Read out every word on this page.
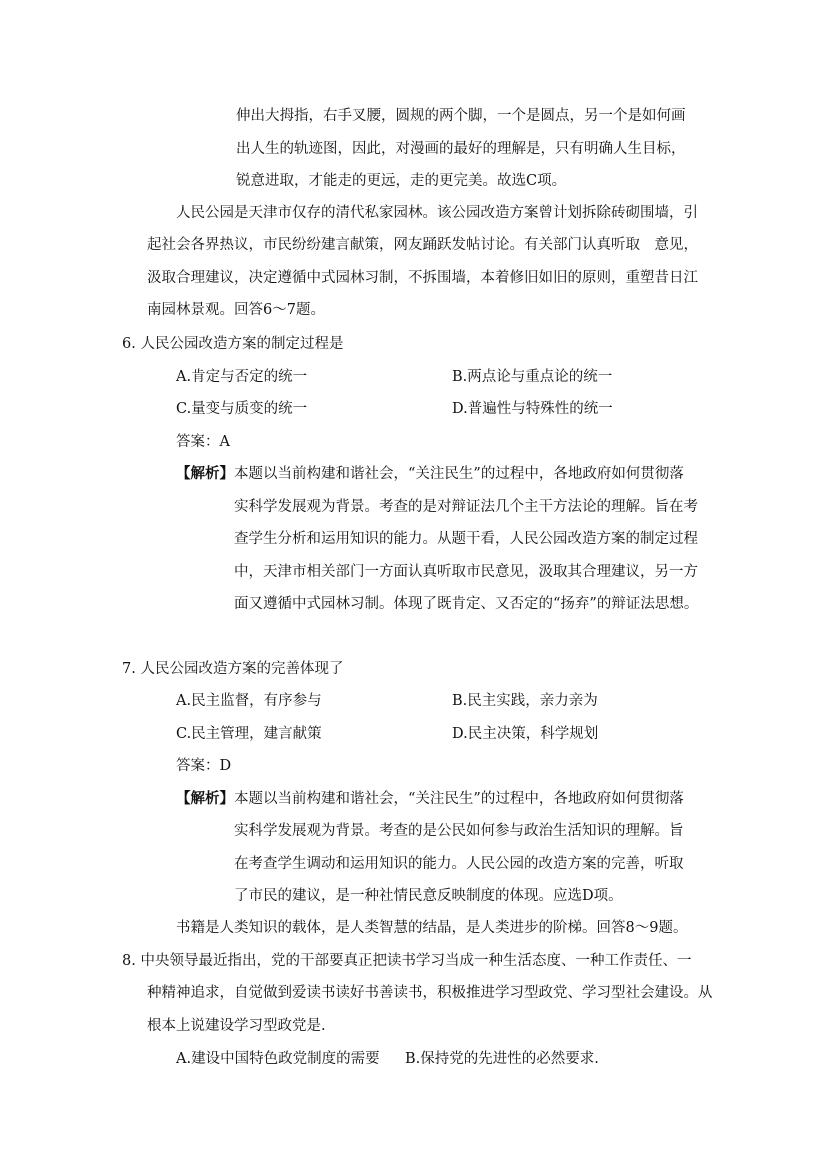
伸出大拇指，右手叉腰，圆规的两个脚，一个是圆点，另一个是如何画
出人生的轨迹图，因此，对漫画的最好的理解是，只有明确人生目标，
锐意进取，才能走的更远，走的更完美。故选C项。
人民公园是天津市仅存的清代私家园林。该公园改造方案曾计划拆除砖砌围墙，引
起社会各界热议，市民纷纷建言献策，网友踊跃发帖讨论。有关部门认真听取　意见，
汲取合理建议，决定遵循中式园林习制，不拆围墙，本着修旧如旧的原则，重塑昔日江
南园林景观。回答6～7题。
6. 人民公园改造方案的制定过程是
A.肯定与否定的统一	B.两点论与重点论的统一
C.量变与质变的统一	D.普遍性与特殊性的统一
答案：A
【解析】 本题以当前构建和谐社会，“关注民生”的过程中，各地政府如何贯彻落
实科学发展观为背景。考查的是对辩证法几个主干方法论的理解。旨在考
查学生分析和运用知识的能力。从题干看，人民公园改造方案的制定过程
中，天津市相关部门一方面认真听取市民意见，汲取其合理建议，另一方
面又遵循中式园林习制。体现了既肯定、又否定的“扬弃”的辩证法思想。
7. 人民公园改造方案的完善体现了
A.民主监督，有序参与	B.民主实践，亲力亲为
C.民主管理，建言献策	D.民主决策，科学规划
答案：D
【解析】 本题以当前构建和谐社会，“关注民生”的过程中，各地政府如何贯彻落
实科学发展观为背景。考查的是公民如何参与政治生活知识的理解。旨
在考查学生调动和运用知识的能力。人民公园的改造方案的完善，听取
了市民的建议，是一种社情民意反映制度的体现。应选D项。
书籍是人类知识的载体，是人类智慧的结晶，是人类进步的阶梯。回答8～9题。
8. 中央领导最近指出，党的干部要真正把读书学习当成一种生活态度、一种工作责任、一
种精神追求，自觉做到爱读书读好书善读书，积极推进学习型政党、学习型社会建设。从
根本上说建设学习型政党是.
A.建设中国特色政党制度的需要 B.保持党的先进性的必然要求.
